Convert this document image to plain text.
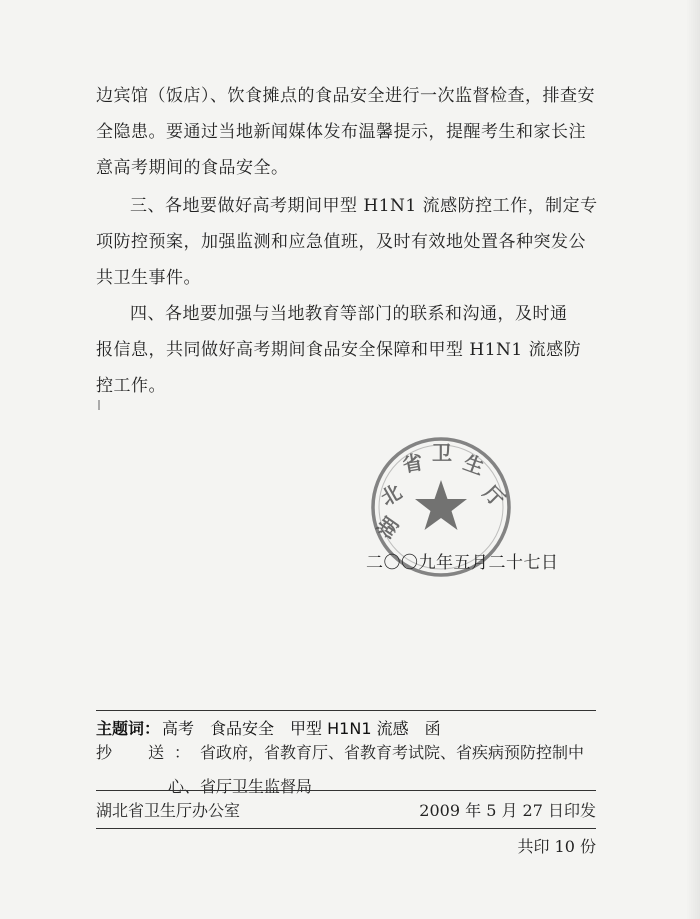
边宾馆（饭店）、饮食摊点的食品安全进行一次监督检查，排查安
全隐患。要通过当地新闻媒体发布温馨提示，提醒考生和家长注
意高考期间的食品安全。
三、各地要做好高考期间甲型 H1N1 流感防控工作，制定专
项防控预案，加强监测和应急值班，及时有效地处置各种突发公
共卫生事件。
四、各地要加强与当地教育等部门的联系和沟通，及时通
报信息，共同做好高考期间食品安全保障和甲型 H1N1 流感防
控工作。
湖
北
省 卫 生
厅
二〇〇九年五月二十七日
主题词： 高考 食品安全 甲型 H1N1 流感 函
抄　送：省政府，省教育厅、省教育考试院、省疾病预防控制中
心、省厅卫生监督局
湖北省卫生厅办公室	2009 年 5 月 27 日印发
共印 10 份
